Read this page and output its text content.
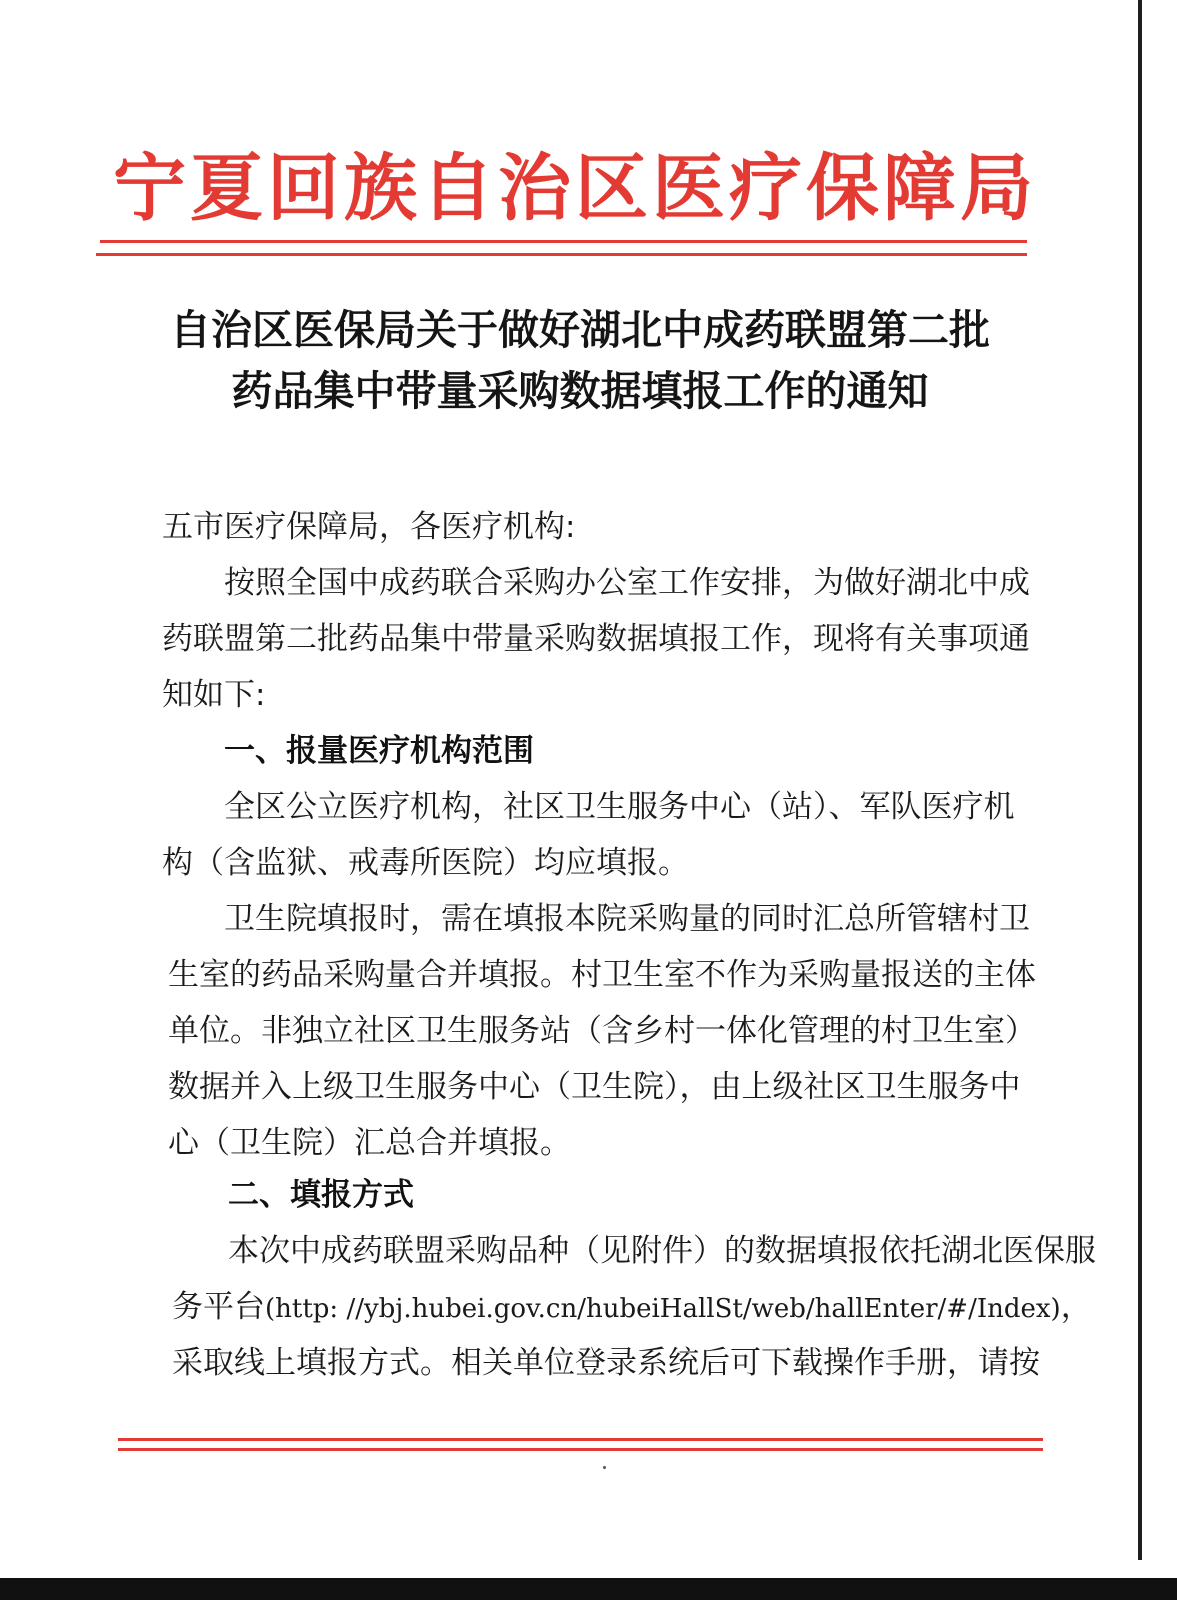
宁夏回族自治区医疗保障局
自治区医保局关于做好湖北中成药联盟第二批
药品集中带量采购数据填报工作的通知
五市医疗保障局，各医疗机构:
按照全国中成药联合采购办公室工作安排，为做好湖北中成
药联盟第二批药品集中带量采购数据填报工作，现将有关事项通
知如下:
一、报量医疗机构范围
全区公立医疗机构，社区卫生服务中心（站）、军队医疗机
构（含监狱、戒毒所医院）均应填报。
卫生院填报时，需在填报本院采购量的同时汇总所管辖村卫
生室的药品采购量合并填报。村卫生室不作为采购量报送的主体
单位。非独立社区卫生服务站（含乡村一体化管理的村卫生室）
数据并入上级卫生服务中心（卫生院），由上级社区卫生服务中
心（卫生院）汇总合并填报。
二、填报方式
本次中成药联盟采购品种（见附件）的数据填报依托湖北医保服
务平台(http: //ybj.hubei.gov.cn/hubeiHallSt/web/hallEnter/#/Index)，
采取线上填报方式。相关单位登录系统后可下载操作手册，请按
